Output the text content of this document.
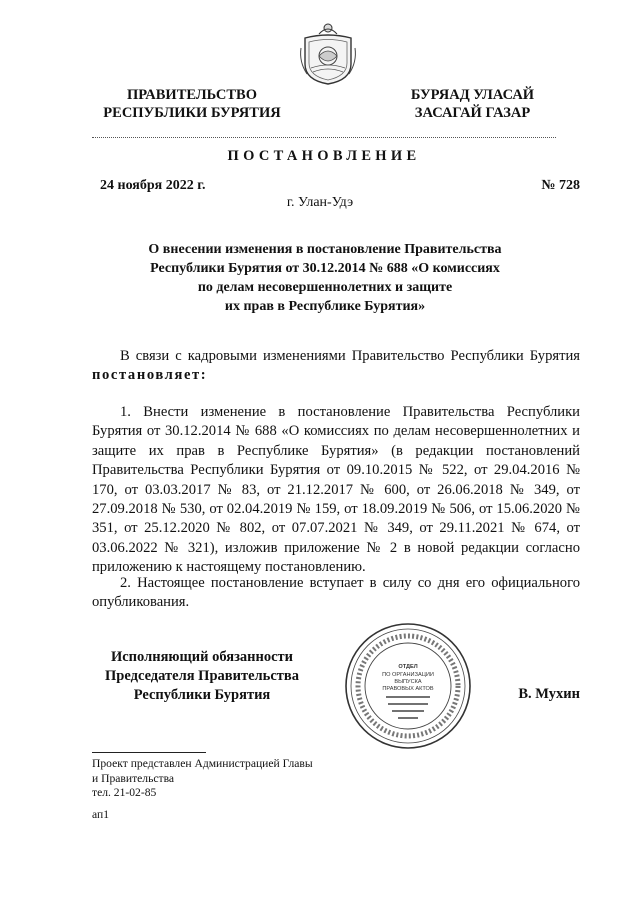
ПРАВИТЕЛЬСТВО
РЕСПУБЛИКИ БУРЯТИЯ
БУРЯАД УЛАСАЙ
ЗАСАГАЙ ГАЗАР
ПОСТАНОВЛЕНИЕ
24 ноября 2022 г.	№ 728
г. Улан-Удэ
О внесении изменения в постановление Правительства
Республики Бурятия от 30.12.2014 № 688 «О комиссиях
по делам несовершеннолетних и защите
их прав в Республике Бурятия»
В связи с кадровыми изменениями Правительство Республики Бурятия постановляет:
1. Внести изменение в постановление Правительства Республики Бурятия от 30.12.2014 № 688 «О комиссиях по делам несовершеннолетних и защите их прав в Республике Бурятия» (в редакции постановлений Правительства Республики Бурятия от 09.10.2015 № 522, от 29.04.2016 № 170, от 03.03.2017 № 83, от 21.12.2017 № 600, от 26.06.2018 № 349, от 27.09.2018 № 530, от 02.04.2019 № 159, от 18.09.2019 № 506, от 15.06.2020 № 351, от 25.12.2020 № 802, от 07.07.2021 № 349, от 29.11.2021 № 674, от 03.06.2022 № 321), изложив приложение № 2 в новой редакции согласно приложению к настоящему постановлению.
2. Настоящее постановление вступает в силу со дня его официального опубликования.
Исполняющий обязанности
Председателя Правительства
Республики Бурятия
ОТДЕЛ
ПО ОРГАНИЗАЦИИ
ВЫПУСКА
ПРАВОВЫХ АКТОВ	В. Мухин
Проект представлен Администрацией Главы
и Правительства
тел. 21-02-85
ап1
